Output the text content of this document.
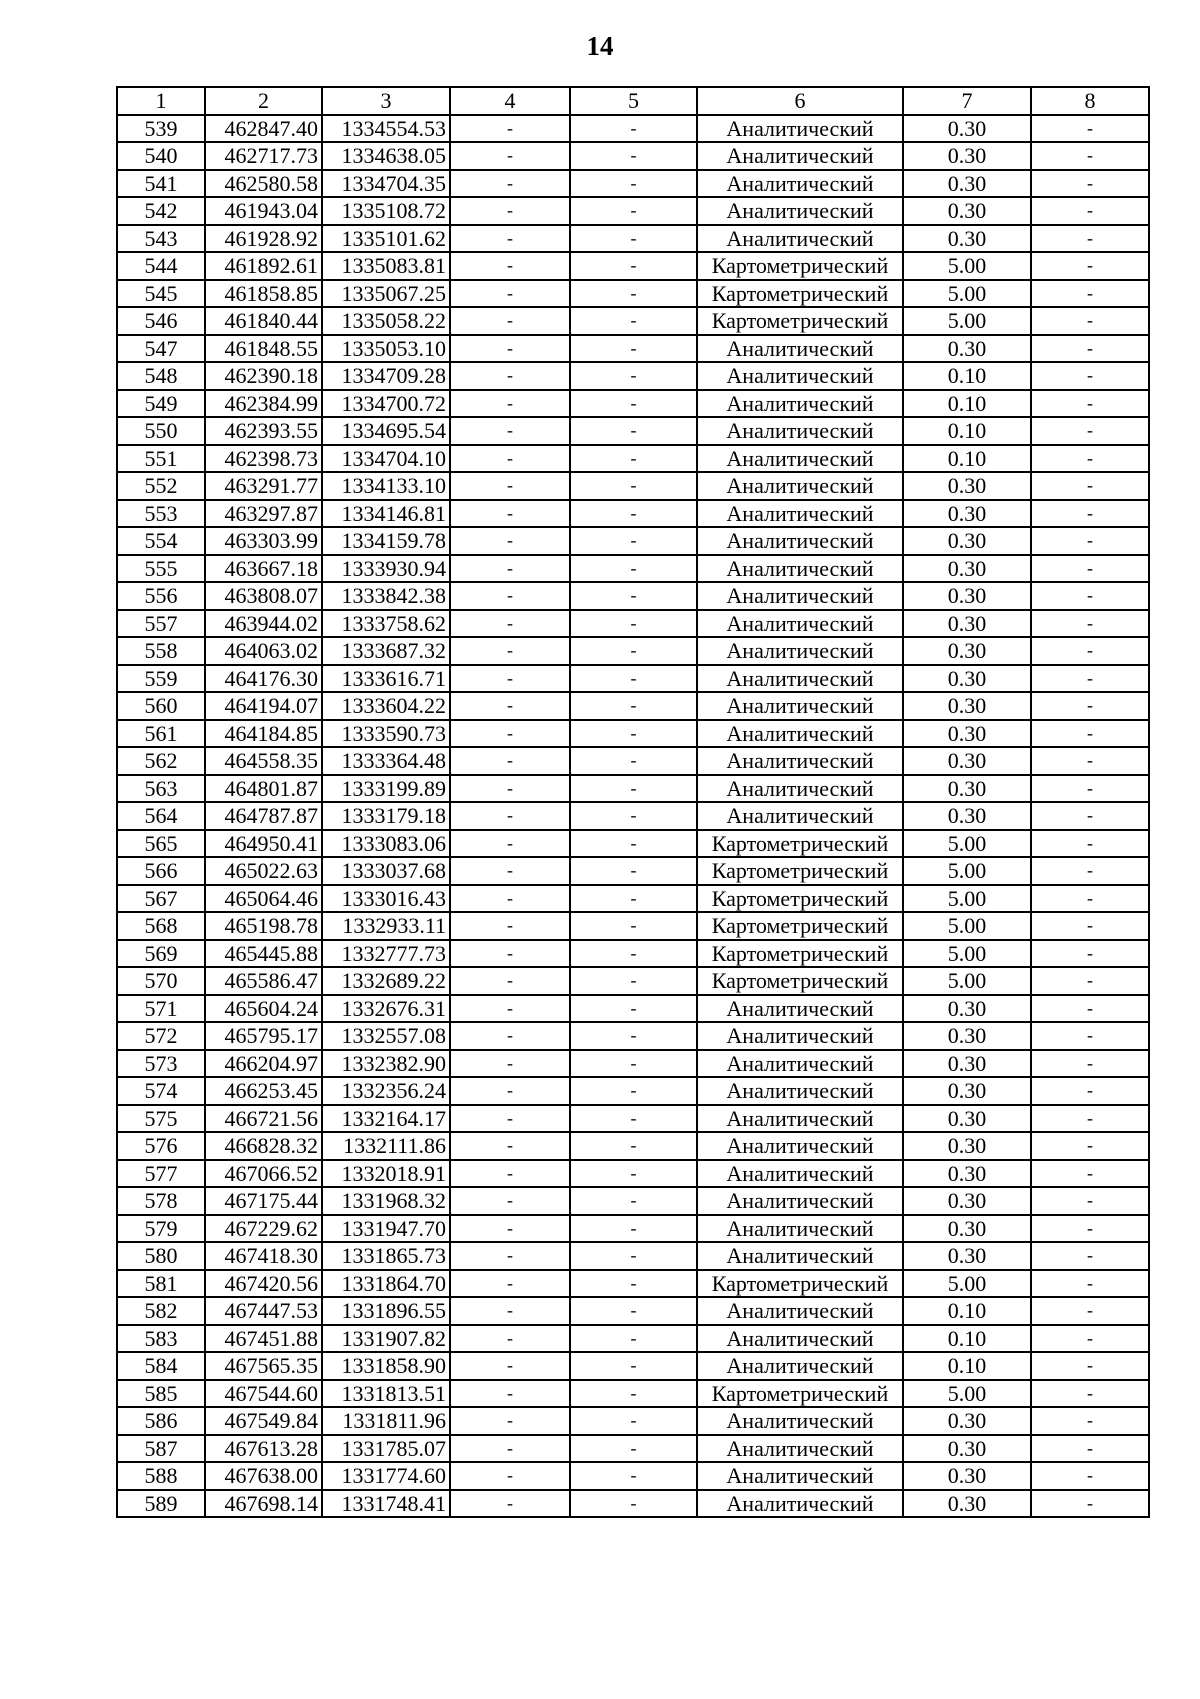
14
1	2	3	4	5	6	7	8
539	462847.40	1334554.53	-	-	Аналитический	0.30	-
540	462717.73	1334638.05	-	-	Аналитический	0.30	-
541	462580.58	1334704.35	-	-	Аналитический	0.30	-
542	461943.04	1335108.72	-	-	Аналитический	0.30	-
543	461928.92	1335101.62	-	-	Аналитический	0.30	-
544	461892.61	1335083.81	-	-	Картометрический	5.00	-
545	461858.85	1335067.25	-	-	Картометрический	5.00	-
546	461840.44	1335058.22	-	-	Картометрический	5.00	-
547	461848.55	1335053.10	-	-	Аналитический	0.30	-
548	462390.18	1334709.28	-	-	Аналитический	0.10	-
549	462384.99	1334700.72	-	-	Аналитический	0.10	-
550	462393.55	1334695.54	-	-	Аналитический	0.10	-
551	462398.73	1334704.10	-	-	Аналитический	0.10	-
552	463291.77	1334133.10	-	-	Аналитический	0.30	-
553	463297.87	1334146.81	-	-	Аналитический	0.30	-
554	463303.99	1334159.78	-	-	Аналитический	0.30	-
555	463667.18	1333930.94	-	-	Аналитический	0.30	-
556	463808.07	1333842.38	-	-	Аналитический	0.30	-
557	463944.02	1333758.62	-	-	Аналитический	0.30	-
558	464063.02	1333687.32	-	-	Аналитический	0.30	-
559	464176.30	1333616.71	-	-	Аналитический	0.30	-
560	464194.07	1333604.22	-	-	Аналитический	0.30	-
561	464184.85	1333590.73	-	-	Аналитический	0.30	-
562	464558.35	1333364.48	-	-	Аналитический	0.30	-
563	464801.87	1333199.89	-	-	Аналитический	0.30	-
564	464787.87	1333179.18	-	-	Аналитический	0.30	-
565	464950.41	1333083.06	-	-	Картометрический	5.00	-
566	465022.63	1333037.68	-	-	Картометрический	5.00	-
567	465064.46	1333016.43	-	-	Картометрический	5.00	-
568	465198.78	1332933.11	-	-	Картометрический	5.00	-
569	465445.88	1332777.73	-	-	Картометрический	5.00	-
570	465586.47	1332689.22	-	-	Картометрический	5.00	-
571	465604.24	1332676.31	-	-	Аналитический	0.30	-
572	465795.17	1332557.08	-	-	Аналитический	0.30	-
573	466204.97	1332382.90	-	-	Аналитический	0.30	-
574	466253.45	1332356.24	-	-	Аналитический	0.30	-
575	466721.56	1332164.17	-	-	Аналитический	0.30	-
576	466828.32	1332111.86	-	-	Аналитический	0.30	-
577	467066.52	1332018.91	-	-	Аналитический	0.30	-
578	467175.44	1331968.32	-	-	Аналитический	0.30	-
579	467229.62	1331947.70	-	-	Аналитический	0.30	-
580	467418.30	1331865.73	-	-	Аналитический	0.30	-
581	467420.56	1331864.70	-	-	Картометрический	5.00	-
582	467447.53	1331896.55	-	-	Аналитический	0.10	-
583	467451.88	1331907.82	-	-	Аналитический	0.10	-
584	467565.35	1331858.90	-	-	Аналитический	0.10	-
585	467544.60	1331813.51	-	-	Картометрический	5.00	-
586	467549.84	1331811.96	-	-	Аналитический	0.30	-
587	467613.28	1331785.07	-	-	Аналитический	0.30	-
588	467638.00	1331774.60	-	-	Аналитический	0.30	-
589	467698.14	1331748.41	-	-	Аналитический	0.30	-
